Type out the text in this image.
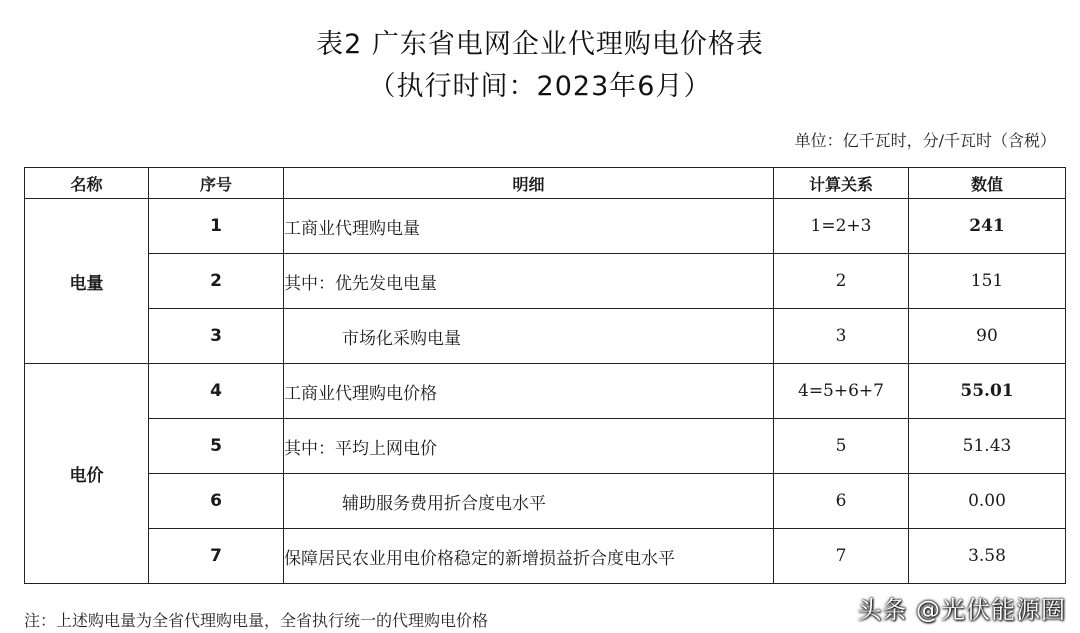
表2 广东省电网企业代理购电价格表
（执行时间：2023年6月）
单位：亿千瓦时，分/千瓦时（含税）
名称	序号	明细	计算关系	数值
电量	1	工商业代理购电量	1=2+3	241
	2	其中：优先发电电量	2	151
	3	市场化采购电量	3	90
电价	4	工商业代理购电价格	4=5+6+7	55.01
	5	其中：平均上网电价	5	51.43
	6	辅助服务费用折合度电水平	6	0.00
	7	保障居民农业用电价格稳定的新增损益折合度电水平	7	3.58
注：上述购电量为全省代理购电量，全省执行统一的代理购电价格	头条 @光伏能源圈
